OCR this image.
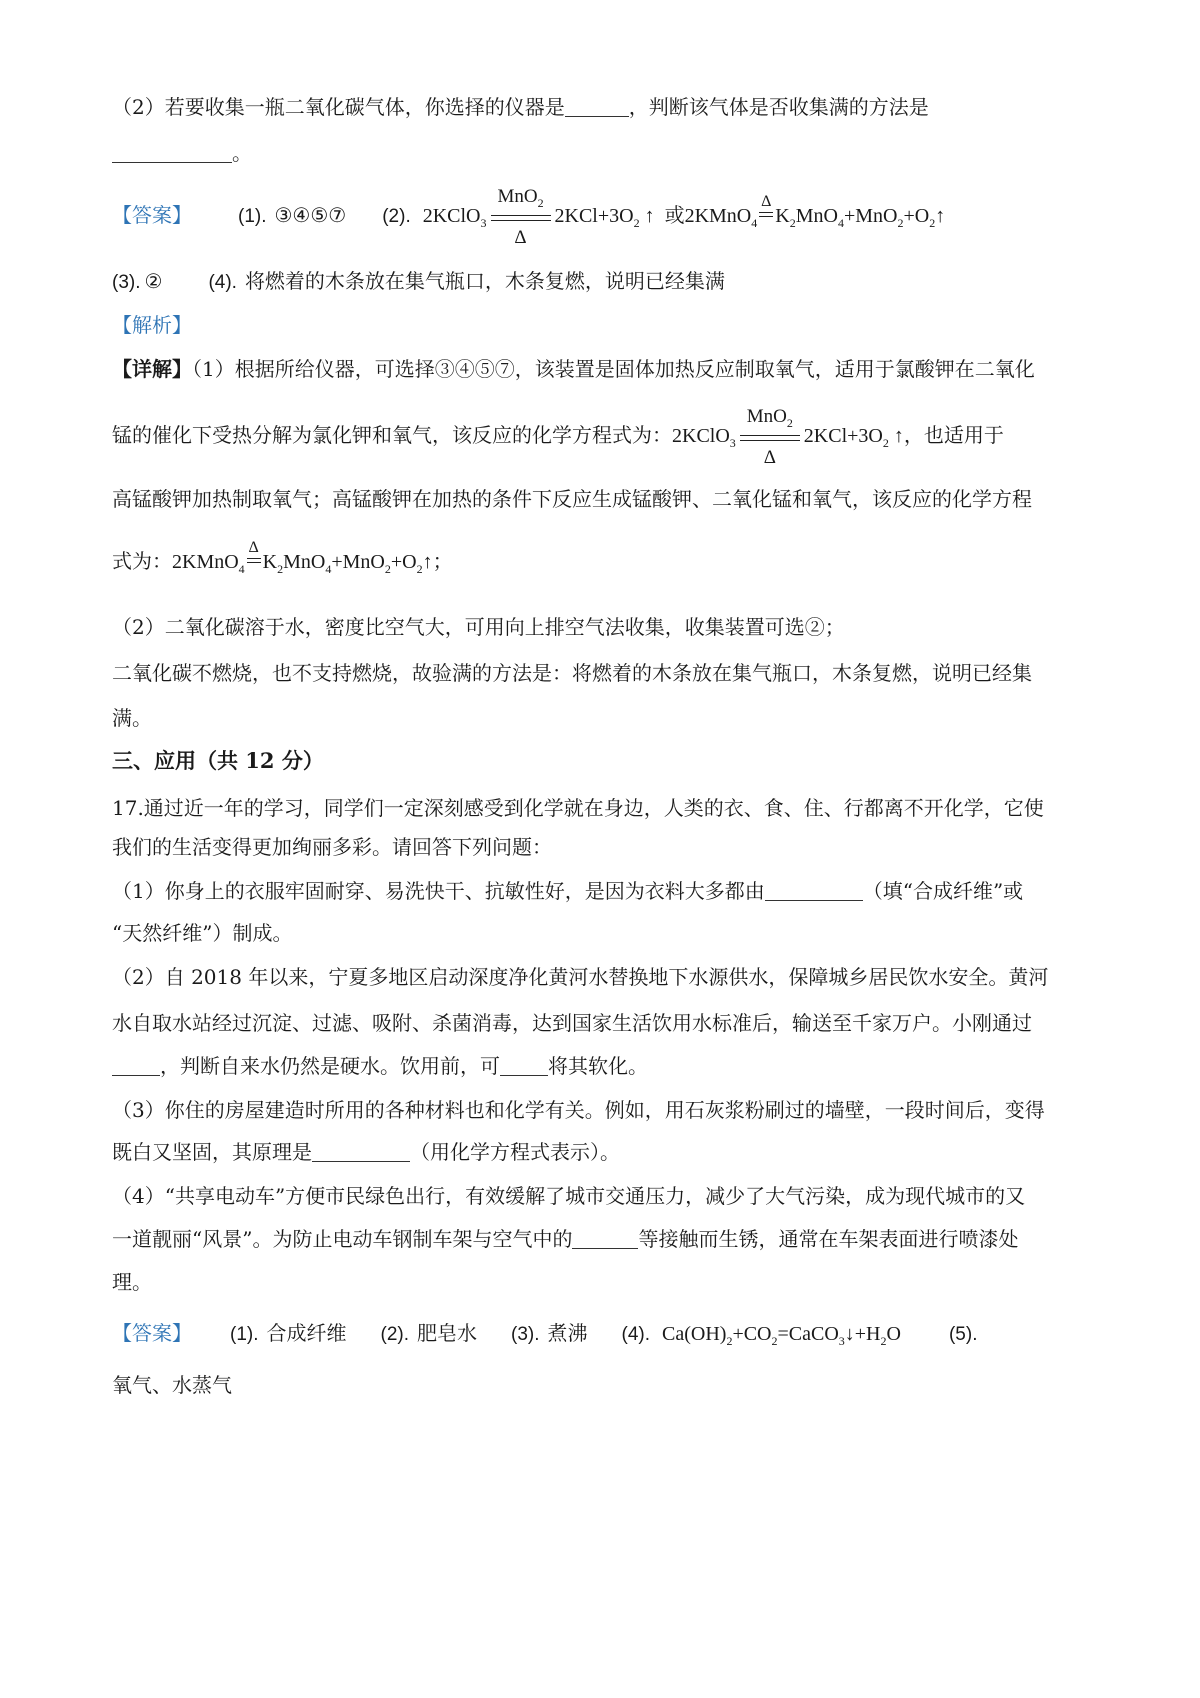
（2）若要收集一瓶二氧化碳气体，你选择的仪器是	，判断该气体是否收集满的方法是
。
【答案】 (1). ③④⑤⑦ (2). 2KClO$_3$
MnO$_2$
Δ
$2KCl+3O_2$ ↑ 或2KMnO$_4$
Δ
$K_2MnO_4+MnO_2+O_2↑$
(3). ② (4). 将燃着的木条放在集气瓶口，木条复燃，说明已经集满
【解析】
【详解】（1）根据所给仪器，可选择③④⑤⑦，该装置是固体加热反应制取氧气，适用于氯酸钾在二氧化
锰的催化下受热分解为氯化钾和氧气，该反应的化学方程式为：2KClO$_3$
MnO$_2$
Δ
$2KCl+3O_2$ ↑，也适用于
高锰酸钾加热制取氧气；高锰酸钾在加热的条件下反应生成锰酸钾、二氧化锰和氧气，该反应的化学方程
式为：2KMnO$_4$
Δ
$K_2MnO_4+MnO_2+O_2↑$；
（2）二氧化碳溶于水，密度比空气大，可用向上排空气法收集，收集装置可选②；
二氧化碳不燃烧，也不支持燃烧，故验满的方法是：将燃着的木条放在集气瓶口，木条复燃，说明已经集
满。
三、应用（共 12 分）
17.通过近一年的学习，同学们一定深刻感受到化学就在身边，人类的衣、食、住、行都离不开化学，它使
我们的生活变得更加绚丽多彩。请回答下列问题：
（1）你身上的衣服牢固耐穿、易洗快干、抗敏性好，是因为衣料大多都由	（填“合成纤维”或
“天然纤维”）制成。
（2）自 2018 年以来，宁夏多地区启动深度净化黄河水替换地下水源供水，保障城乡居民饮水安全。黄河
水自取水站经过沉淀、过滤、吸附、杀菌消毒，达到国家生活饮用水标准后，输送至千家万户。小刚通过
，判断自来水仍然是硬水。饮用前，可 将其软化。
（3）你住的房屋建造时所用的各种材料也和化学有关。例如，用石灰浆粉刷过的墙壁，一段时间后，变得
既白又坚固，其原理是	（用化学方程式表示）。
（4）“共享电动车”方便市民绿色出行，有效缓解了城市交通压力，减少了大气污染，成为现代城市的又
一道靓丽“风景”。为防止电动车钢制车架与空气中的	等接触而生锈，通常在车架表面进行喷漆处
理。
【答案】 (1). 合成纤维 (2). 肥皂水 (3). 煮沸 (4). $Ca(OH)_2+CO_2=CaCO_3↓+H_2O$	(5).
氧气、水蒸气
